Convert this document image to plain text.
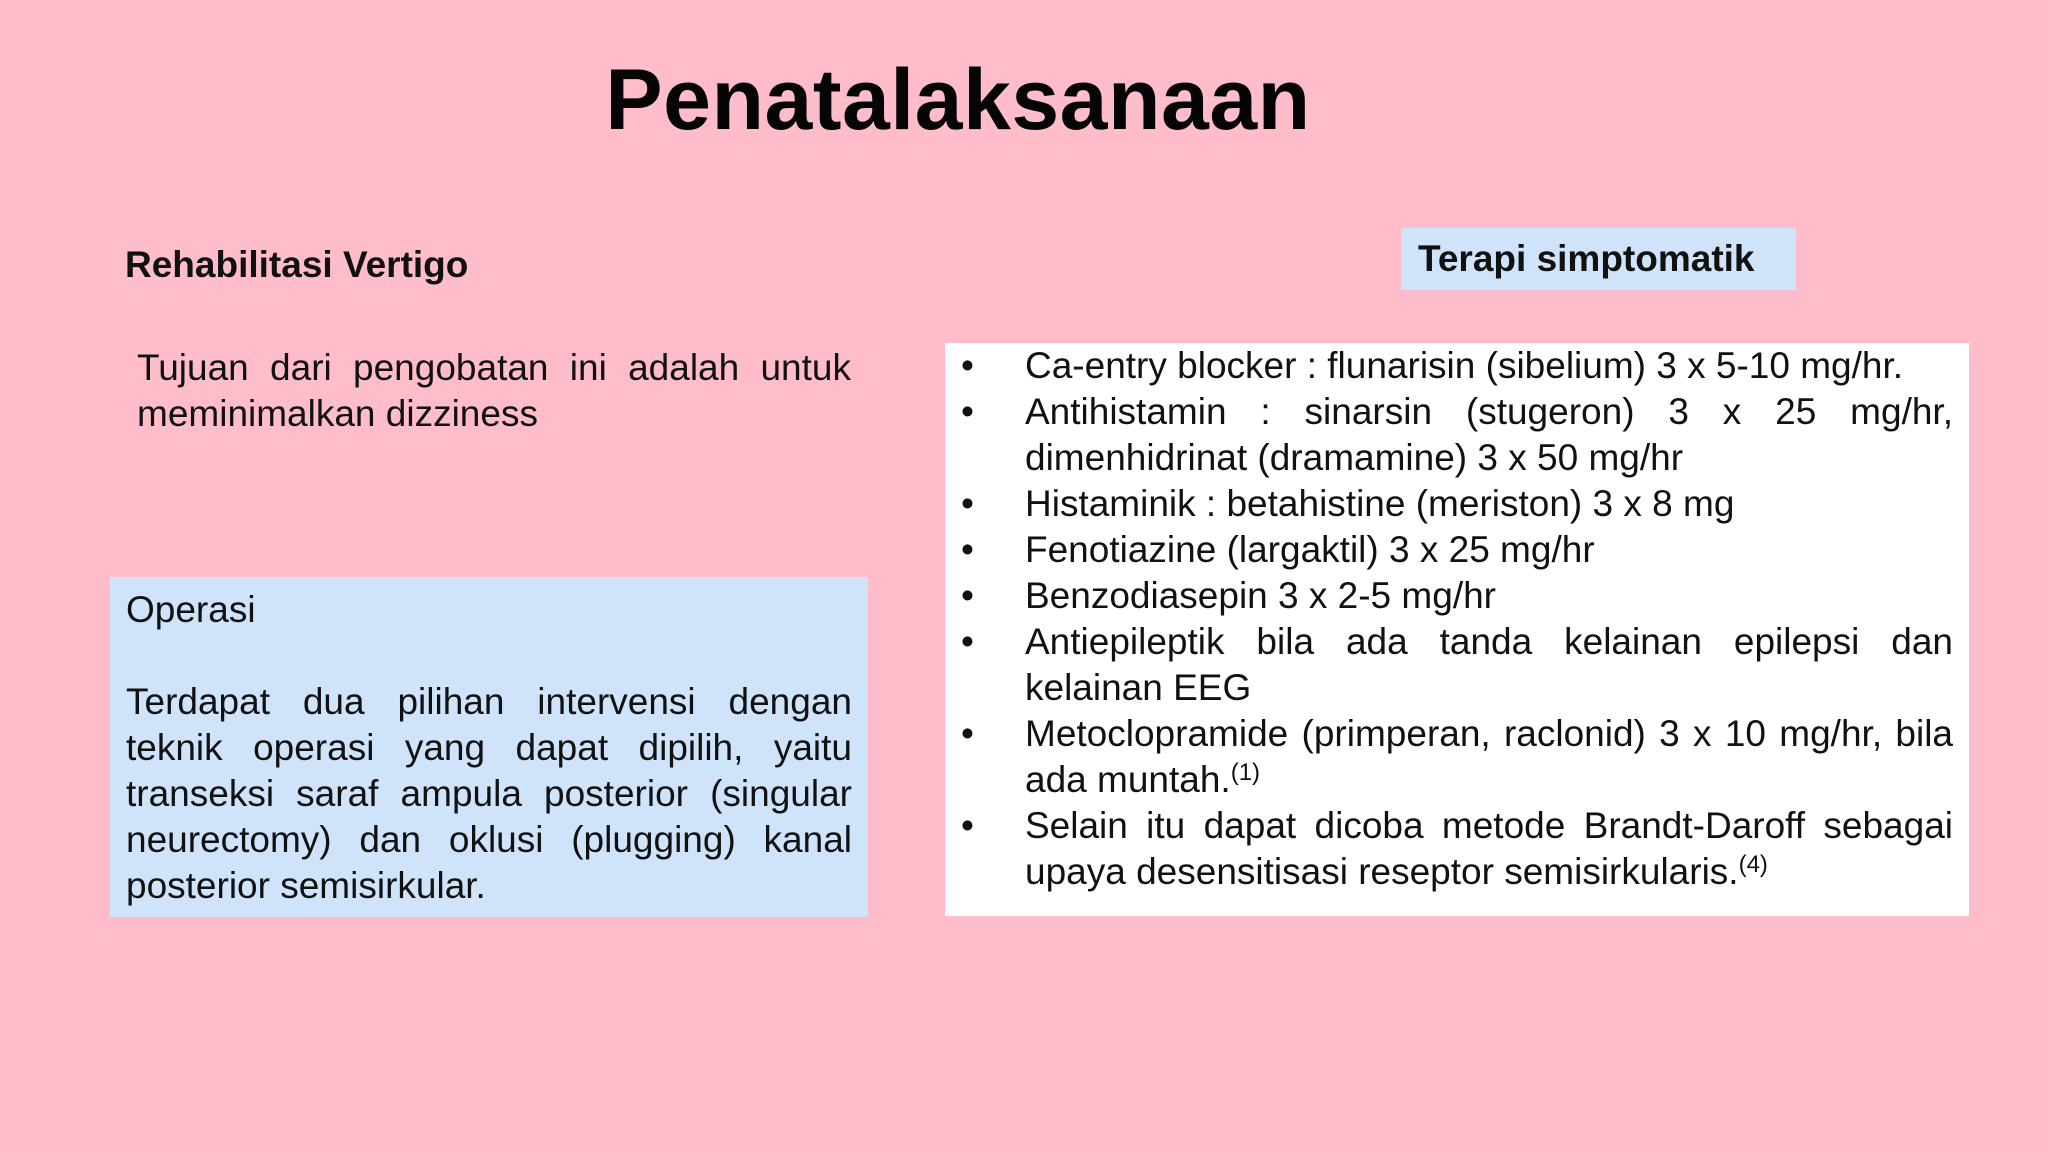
Penatalaksanaan
Rehabilitasi Vertigo
Tujuan dari pengobatan ini adalah untuk meminimalkan dizziness
Operasi
Terdapat dua pilihan intervensi dengan teknik operasi yang dapat dipilih, yaitu transeksi saraf ampula posterior (singular neurectomy) dan oklusi (plugging) kanal posterior semisirkular.
Terapi simptomatik
•	Ca-entry blocker : flunarisin (sibelium) 3 x 5-10 mg/hr.
•	Antihistamin : sinarsin (stugeron) 3 x 25 mg/hr, dimenhidrinat (dramamine) 3 x 50 mg/hr
•	Histaminik : betahistine (meriston) 3 x 8 mg
•	Fenotiazine (largaktil) 3 x 25 mg/hr
•	Benzodiasepin 3 x 2-5 mg/hr
•	Antiepileptik bila ada tanda kelainan epilepsi dan kelainan EEG
•	Metoclopramide (primperan, raclonid) 3 x 10 mg/hr, bila ada muntah.$^{(1)}$
•	Selain itu dapat dicoba metode Brandt-Daroff sebagai upaya desensitisasi reseptor semisirkularis.$^{(4)}$
